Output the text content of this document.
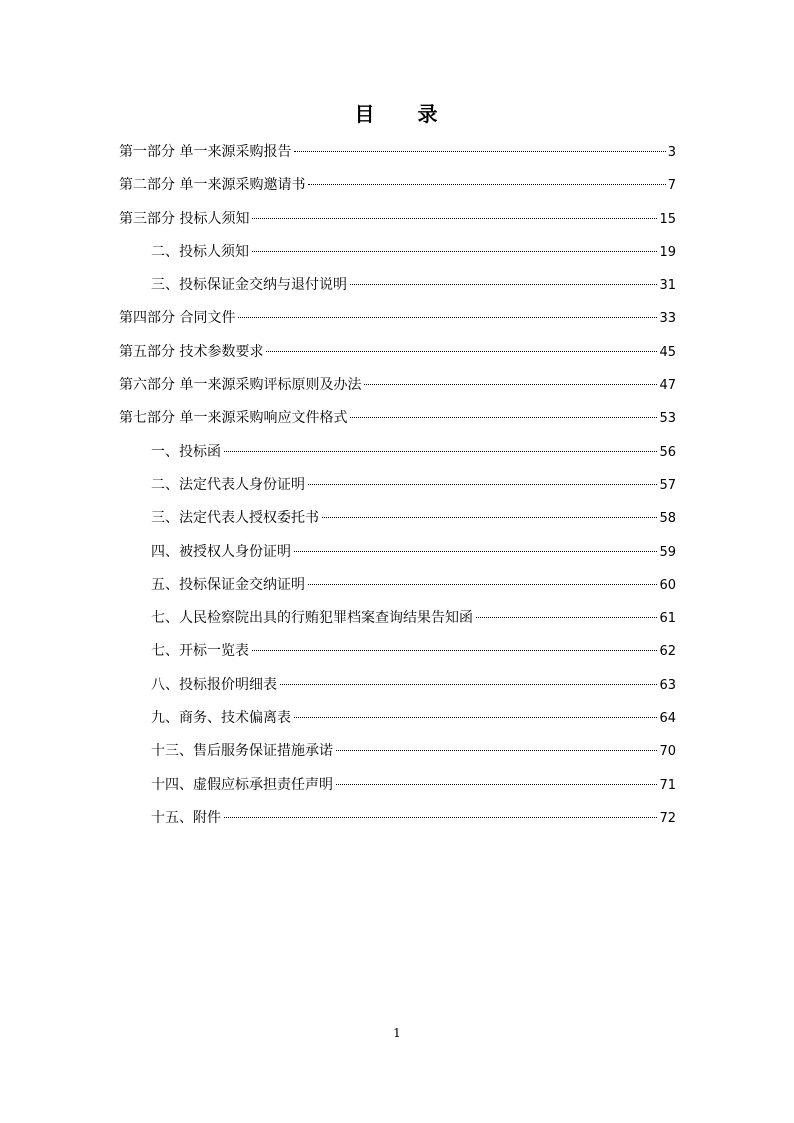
目 录
第一部分 单一来源采购报告	3
第二部分 单一来源采购邀请书	7
第三部分 投标人须知	15
二、投标人须知	19
三、投标保证金交纳与退付说明	31
第四部分 合同文件	33
第五部分 技术参数要求	45
第六部分 单一来源采购评标原则及办法	47
第七部分 单一来源采购响应文件格式	53
一、投标函	56
二、法定代表人身份证明	57
三、法定代表人授权委托书	58
四、被授权人身份证明	59
五、投标保证金交纳证明	60
七、人民检察院出具的行贿犯罪档案查询结果告知函	61
七、开标一览表	62
八、投标报价明细表	63
九、商务、技术偏离表	64
十三、售后服务保证措施承诺	70
十四、虚假应标承担责任声明	71
十五、附件	72
1
